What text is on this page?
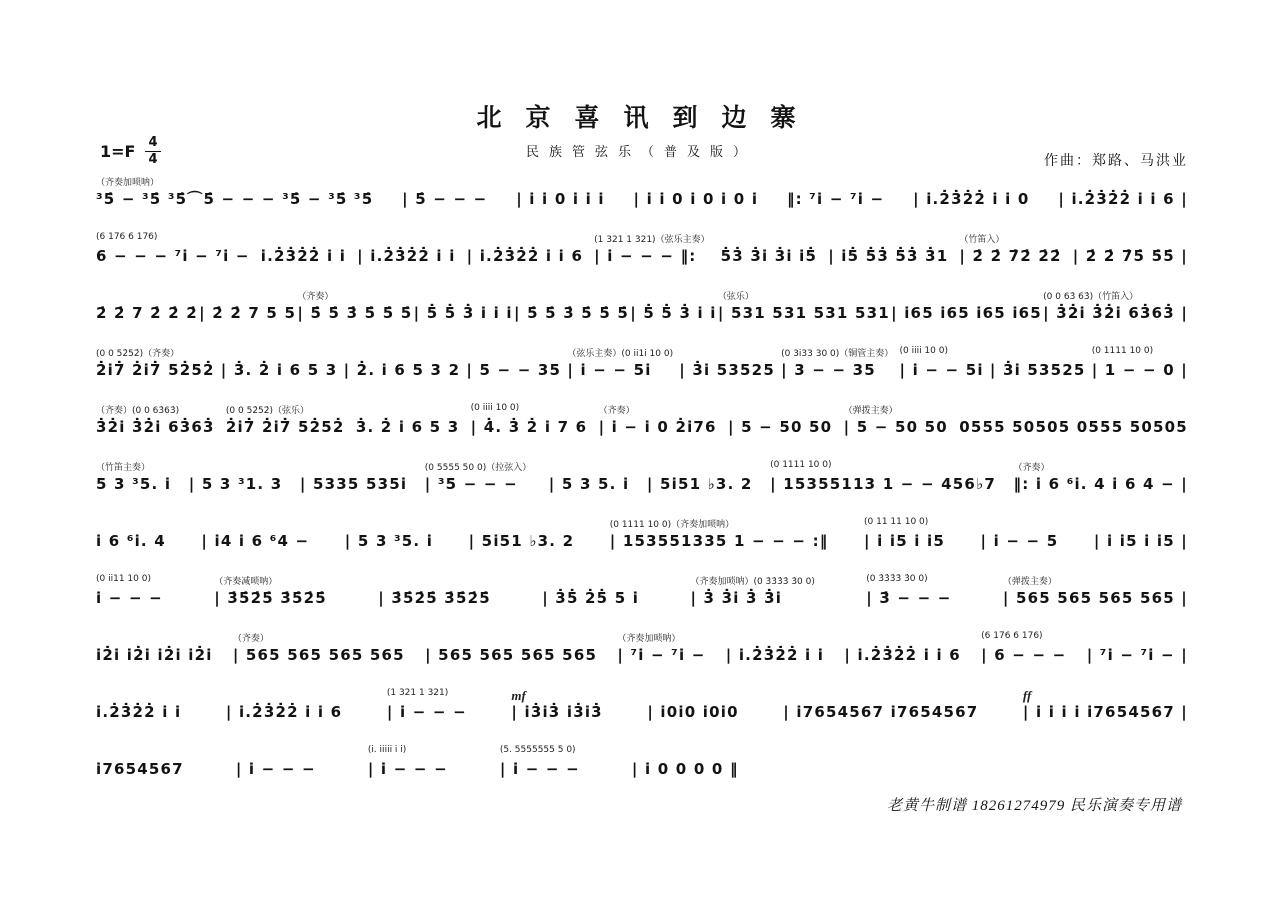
$1=F \frac{4}{4}$
北京喜讯到边寨
民族管弦乐（普及版）
作曲：郑路、马洪业
（齐奏加唢呐）
³5̇ − ³5̇ ³5̇⌒5̇ − − − ³5̇ − ³5̇ ³5̇ | 5̇ − − − | i i 0 i i i | i i 0 i 0 i 0 i ‖: ⁷i − ⁷i − | i.2̇3̇2̇2̇ i i 0 | i.2̇3̇2̇2̇ i i 6 |
(6 176 6 176)
6 − − − ⁷i − ⁷i − i.2̇3̇2̇2̇ i i | i.2̇3̇2̇2̇ i i | i.2̇3̇2̇2̇ i i 6
(1 321 1 321)（弦乐主奏）
| i − − − ‖:	5̇3̇ 3̇i 3̇i i5̇ | i5̇ 5̇3̇ 5̇3̇ 3̇1
（竹笛入）
| 2̇ 2̇ 7̇2̇ 2̇2̇ | 2̇ 2̇ 7̇5̇ 5̇5̇ |
2̇ 2̇ 7 2̇ 2̇ 2̇ | 2̇ 2̇ 7 5 5
（齐奏）
| 5̇ 5̇ 3̇ 5̇ 5̇ 5̇ | 5̇ 5̇ 3̇ i i i | 5̇ 5̇ 3̇ 5̇ 5̇ 5̇ | 5̇ 5̇ 3̇ i i
（弦乐）
| 531 531 531 531 | i65 i65 i65 i65
(0 0 63̇ 63̇)（竹笛入）
| 3̇2̇i 3̇2̇i 63̇63̇ |
(0 0 52̇52̇)（齐奏）
2̇i7̇ 2̇i7̇ 52̇52̇ | 3̇. 2̇ i 6 5 3 | 2̇. i 6 5 3 2 | 5 − − 35
（弦乐主奏）(0 ii1i 10 0)
| i − − 5i	| 3̇i 53525
(0 3i33 30 0)（铜管主奏）
| 3 − − 35
(0 iiii 10 0)
| i − − 5i | 3̇i 53525
(0 1111 10 0)
| 1 − − 0 |
（齐奏）(0 0 63̇63̇)
3̇2̇i 3̇2̇i 63̇63̇
(0 0 52̇52̇)（弦乐）
2̇i7̇ 2̇i7̇ 52̇52̇ 3̇. 2̇ i 6 5 3
(0 iiii 10 0)
| 4̇. 3̇ 2̇ i 7 6
（齐奏）
| i − i 0 2̇i76 | 5 − 50 50
（弹拨主奏）
| 5 − 50 50 0555 50505 0555 50505
（竹笛主奏）
5 3 ³5. i | 5 3 ³1. 3 | 5335 535i
(0 5555 50 0)（拉弦入）
| ³5 − − −	| 5 3 5. i | 5i51 ♭3. 2
(0 1111 10 0)
| 15355113 1 − − 456♭7
（齐奏）
‖: i 6 ⁶i. 4 i 6 4 − |
i 6 ⁶i. 4 | i4 i 6 ⁶4 − | 5 3 ³5. i | 5i51 ♭3. 2
(0 1111 10 0)（齐奏加唢呐）
| 153551335 1 − − − :‖
(0 11 11 10 0)
| i i5 i i5 | i − − 5 | i i5 i i5 |
(0 ii11 10 0)
i − − −
（齐奏减唢呐）
| 3̇5̇2̇5̇ 3̇5̇2̇5̇	| 3̇5̇2̇5̇ 3̇5̇2̇5̇	| 3̇5̇ 2̇5̇ 5 i
（齐奏加唢呐）(0 3̇3̇3̇3̇ 3̇0 0)
| 3̇ 3̇i 3̇ 3̇i
(0 3̇3̇3̇3̇ 3̇0 0)
| 3̇ − − −
（弹拨主奏）
| 565 565 565 565 |
i2̇i i2̇i i2̇i i2̇i
（齐奏）
| 565 565 565 565 | 565 565 565 565
（齐奏加唢呐）
| ⁷i − ⁷i − | i.2̇3̇2̇2̇ i i | i.2̇3̇2̇2̇ i i 6
(6 176 6 176)
| 6 − − − | ⁷i − ⁷i − |
i.2̇3̇2̇2̇ i i	| i.2̇3̇2̇2̇ i i 6
(1 321 1 321)
| i − − −
mf
| i3̇i3̇ i3̇i3̇	| i0i0 i0i0	| i7654567 i7654567
ff
| i i i i i7654567 |
i7654567	| i − − −
(i. iiiii i i)
| i − − −
(5. 5555555 5 0)
| i − − −	| i 0 0 0 0 ‖
老黄牛制谱 18261274979 民乐演奏专用谱
